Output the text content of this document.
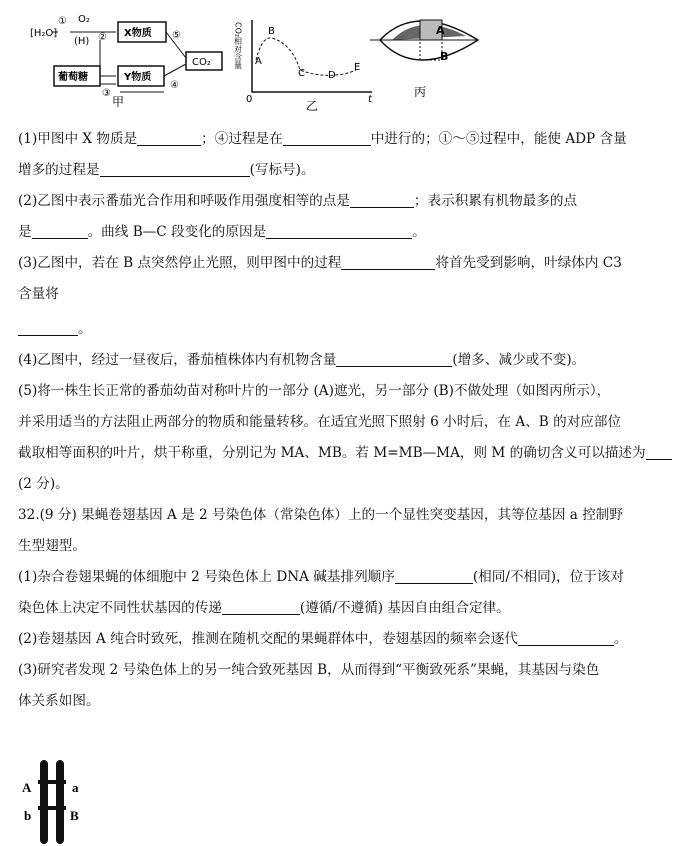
[H₂O]
① O₂
②
(H)
X物质 ⑤
CO₂
葡萄糖	Y物质
③
④
甲
CO₂相对含量 A
B
C D
E
0	t
乙
A
B
丙
(1)甲图中 X 物质是	；④过程是在	中进行的；①～⑤过程中，能使 ADP 含量
增多的过程是	(写标号)。
(2)乙图中表示番茄光合作用和呼吸作用强度相等的点是	；表示积累有机物最多的点
是	。曲线 B—C 段变化的原因是	。
(3)乙图中，若在 B 点突然停止光照，则甲图中的过程	将首先受到影响，叶绿体内 C3
含量将
。
(4)乙图中，经过一昼夜后，番茄植株体内有机物含量	(增多、减少或不变)。
(5)将一株生长正常的番茄幼苗对称叶片的一部分 (A)遮光，另一部分 (B)不做处理（如图丙所示），
并采用适当的方法阻止两部分的物质和能量转移。在适宜光照下照射 6 小时后，在 A、B 的对应部位
截取相等面积的叶片，烘干称重，分别记为 MA、MB。若 M=MB—MA，则 M 的确切含义可以描述为
(2 分)。
32.(9 分) 果蝇卷翅基因 A 是 2 号染色体（常染色体）上的一个显性突变基因，其等位基因 a 控制野
生型翅型。
(1)杂合卷翅果蝇的体细胞中 2 号染色体上 DNA 碱基排列顺序	(相同/不相同)，位于该对
染色体上决定不同性状基因的传递	(遵循/不遵循) 基因自由组合定律。
(2)卷翅基因 A 纯合时致死，推测在随机交配的果蝇群体中，卷翅基因的频率会逐代	。
(3)研究者发现 2 号染色体上的另一纯合致死基因 B，从而得到“平衡致死系”果蝇，其基因与染色
体关系如图。
A
b
a
B
